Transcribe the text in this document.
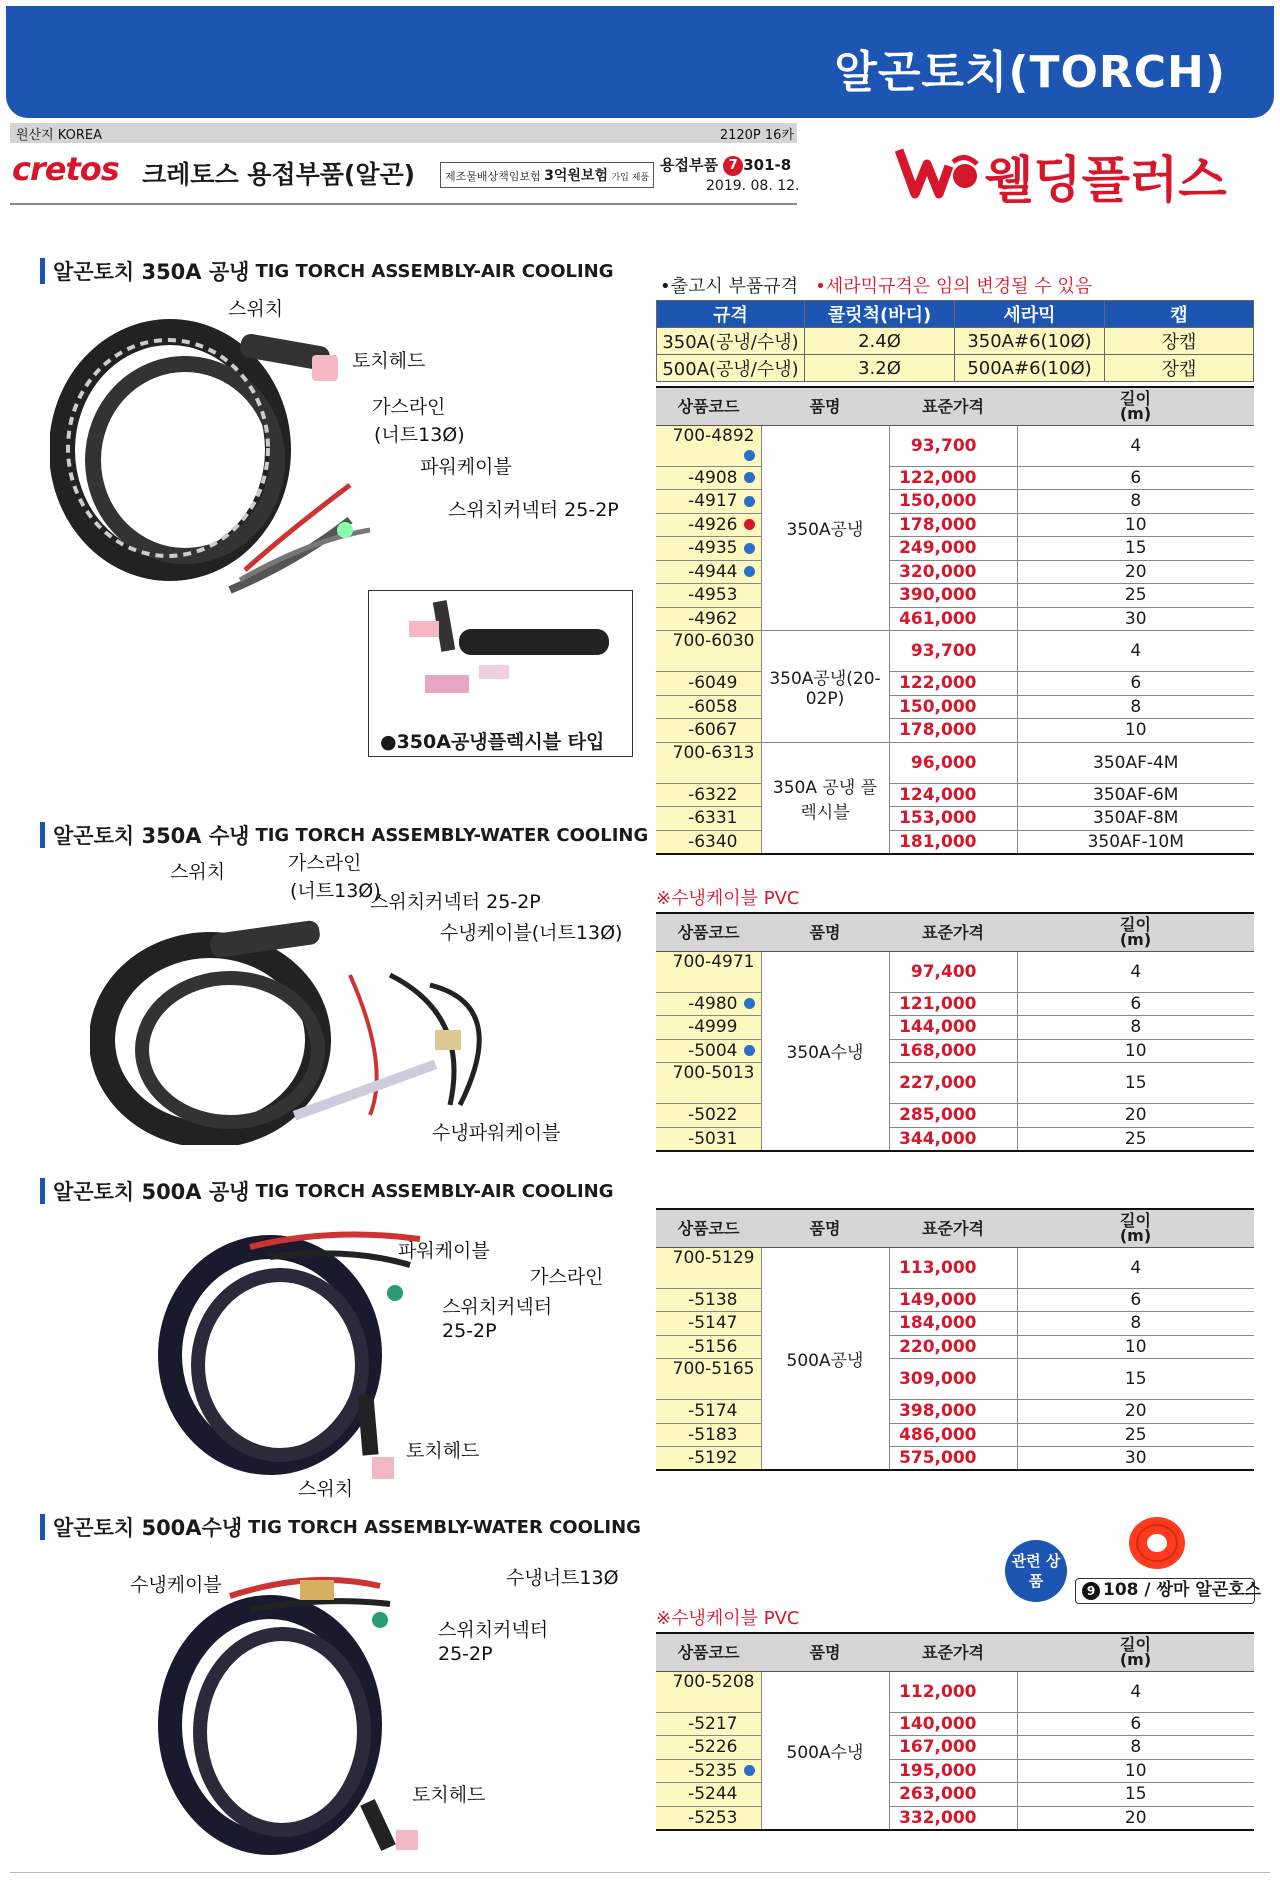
알곤토치(TORCH)
원산지 KOREA	2120P 16카
cretos 크레토스 용접부품(알곤)	제조물배상책임보험 3억원보험 가입 제품
용접부품 7 301-8
2019. 08. 12.	웰딩플러스
알곤토치 350A 공냉 TIG TORCH ASSEMBLY-AIR COOLING
스위치
토치헤드
가스라인
(너트13Ø)
파워케이블
스위치커넥터 25-2P
●350A공냉플렉시블 타입
•출고시 부품규격 •세라믹규격은 임의 변경될 수 있음
규격	콜릿척(바디)	세라믹	캡
350A(공냉/수냉)	2.4Ø	350A#6(10Ø)	장캡
500A(공냉/수냉)	3.2Ø	500A#6(10Ø)	장캡
상품코드	품명	표준가격	길이
(m)

700-4892	350A공냉	93,700	4
-4908		122,000	6
-4917		150,000	8
-4926		178,000	10
-4935		249,000	15
-4944		320,000	20
-4953		390,000	25
-4962		461,000	30
700-6030	350A공냉(20-02P)	93,700	4
-6049		122,000	6
-6058		150,000	8
-6067		178,000	10
700-6313	350A 공냉 플렉시블	96,000	350AF-4M
-6322		124,000	350AF-6M
-6331		153,000	350AF-8M
-6340		181,000	350AF-10M
알곤토치 350A 수냉 TIG TORCH ASSEMBLY-WATER COOLING
스위치	가스라인
(너트13Ø)
스위치커넥터 25-2P
수냉케이블(너트13Ø)
수냉파워케이블
※수냉케이블 PVC
상품코드	품명	표준가격	길이
(m)

700-4971	350A수냉	97,400	4
-4980		121,000	6
-4999		144,000	8
-5004		168,000	10
700-5013		227,000	15
-5022		285,000	20
-5031		344,000	25
알곤토치 500A 공냉 TIG TORCH ASSEMBLY-AIR COOLING
파워케이블
가스라인
스위치커넥터
25-2P
토치헤드
스위치
상품코드	품명	표준가격	길이
(m)

700-5129	500A공냉	113,000	4
-5138		149,000	6
-5147		184,000	8
-5156		220,000	10
700-5165		309,000	15
-5174		398,000	20
-5183		486,000	25
-5192		575,000	30
알곤토치 500A수냉 TIG TORCH ASSEMBLY-WATER COOLING
수냉케이블	수냉너트13Ø
스위치커넥터
25-2P
토치헤드
관련 상품
9 108 / 쌍마 알곤호스
※수냉케이블 PVC
상품코드	품명	표준가격	길이
(m)

700-5208	500A수냉	112,000	4
-5217		140,000	6
-5226		167,000	8
-5235		195,000	10
-5244		263,000	15
-5253		332,000	20
